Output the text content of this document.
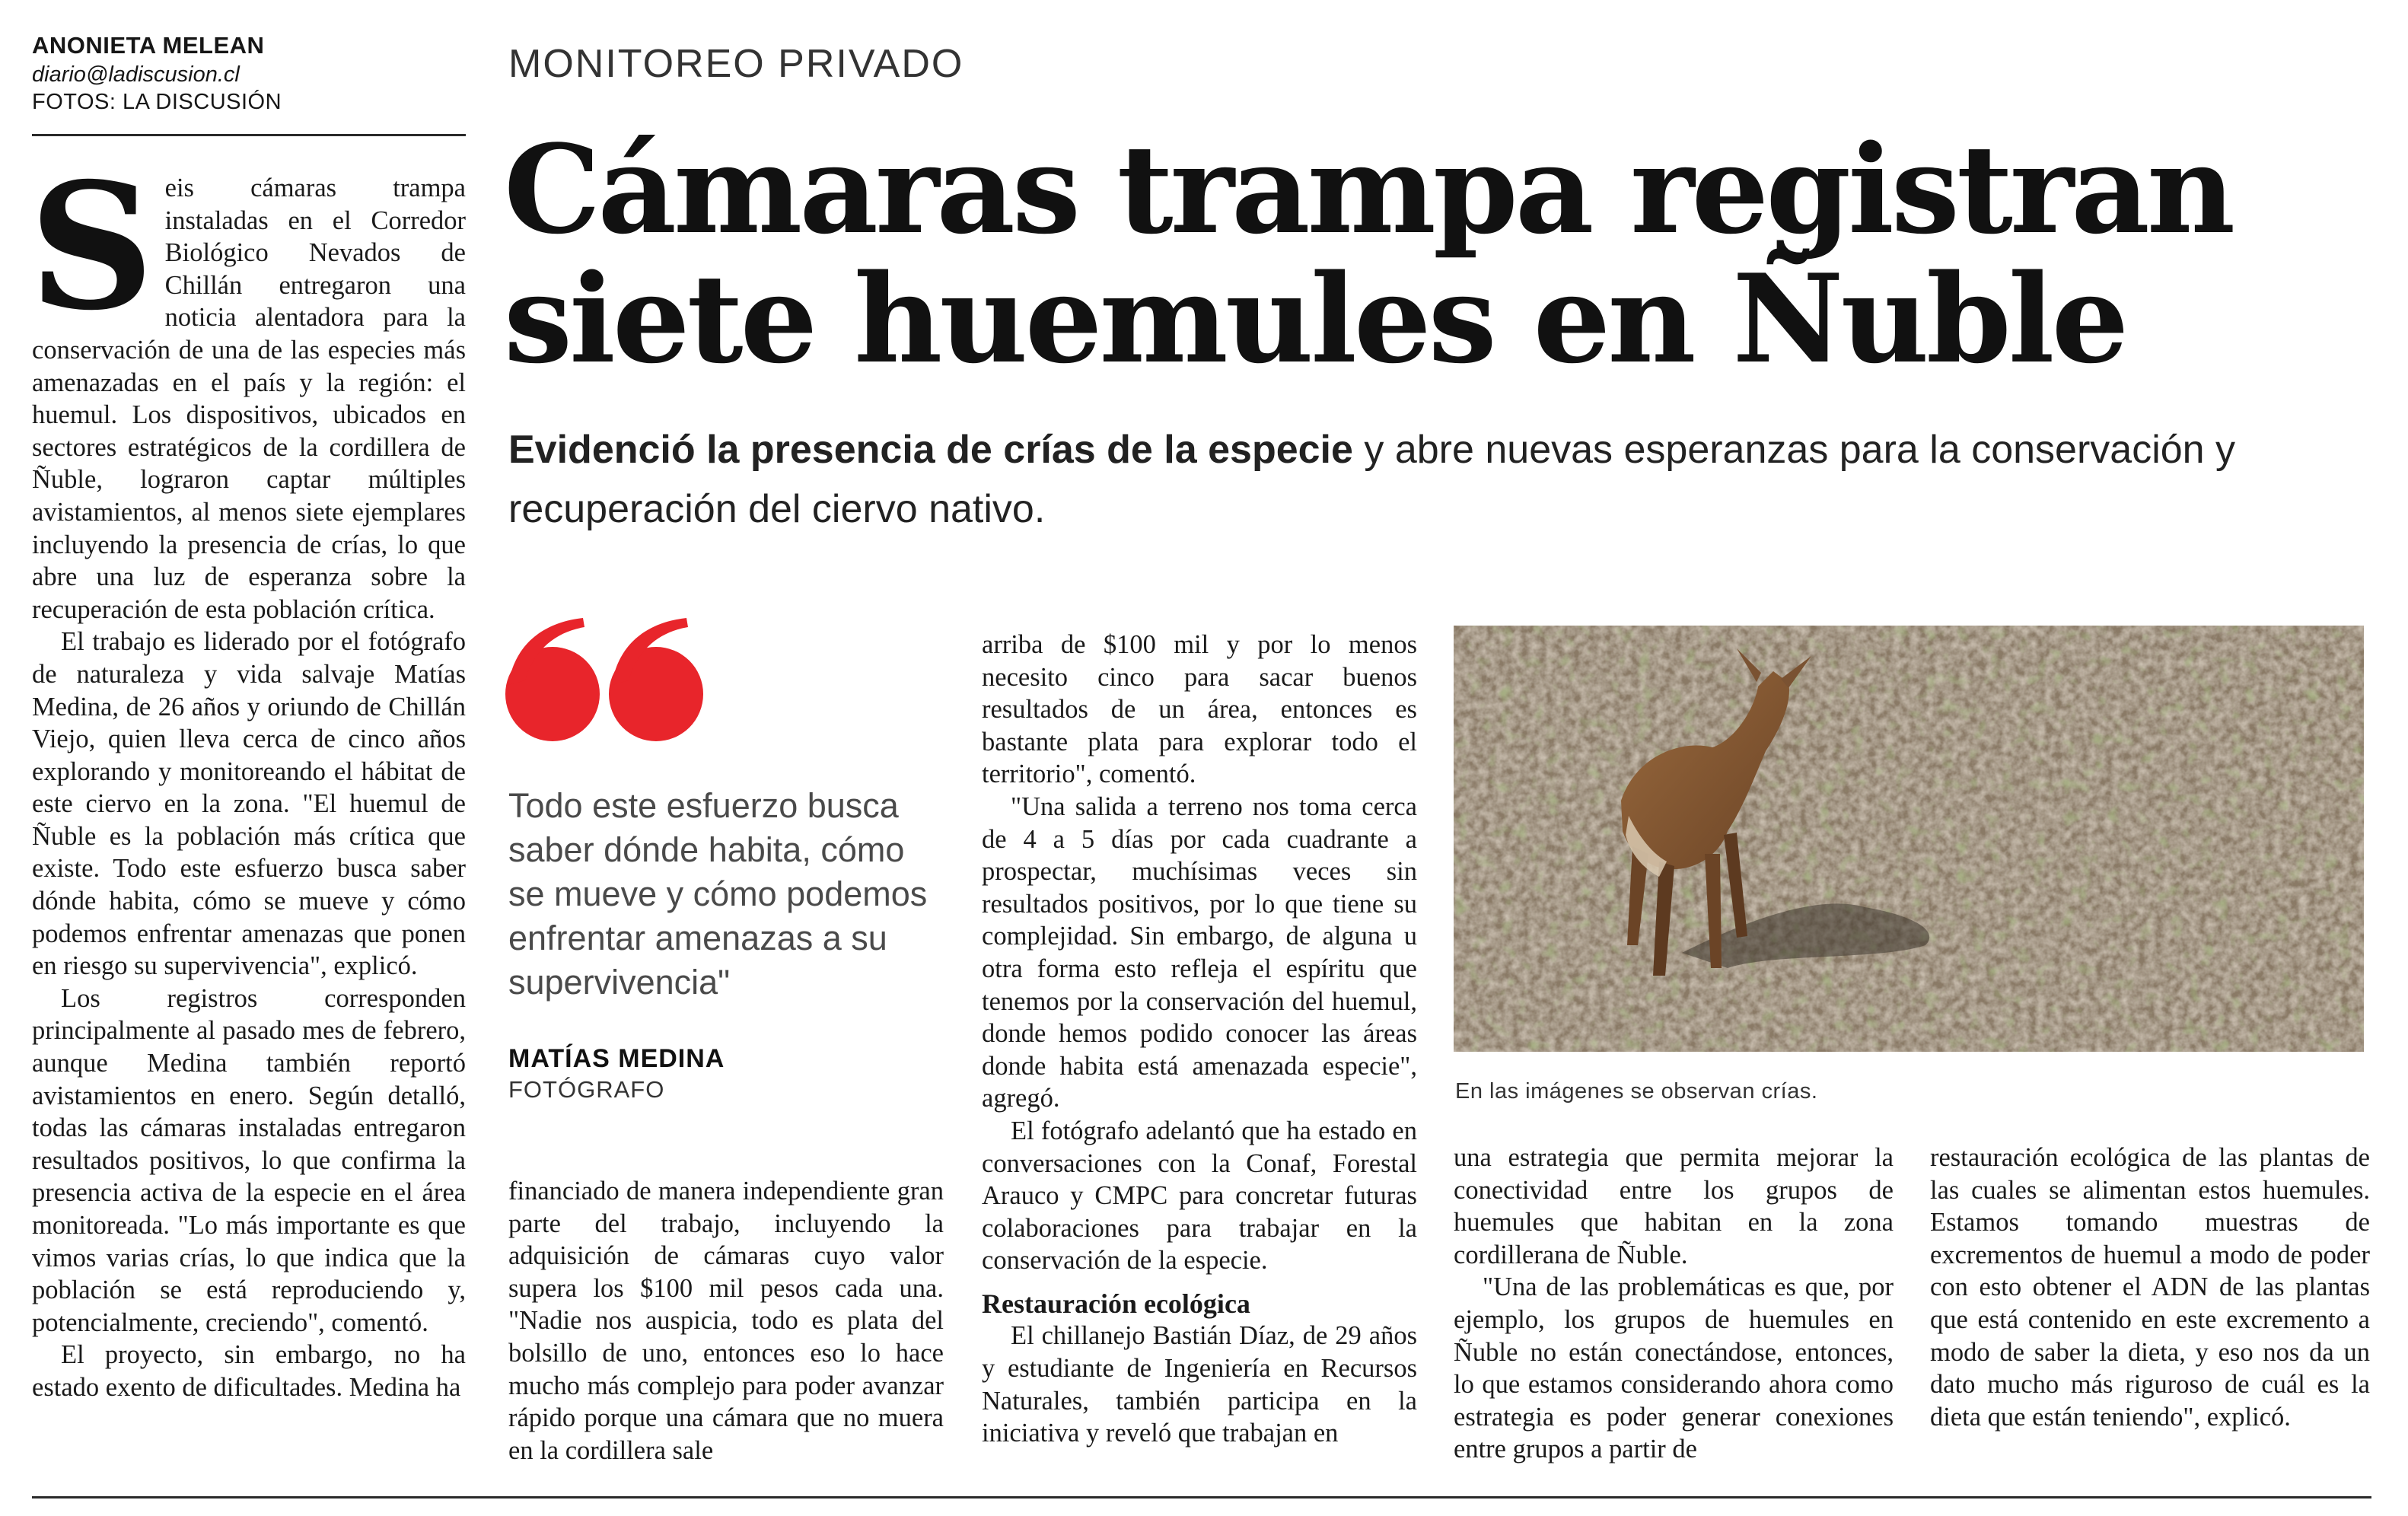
ANONIETA MELEAN
diario@ladiscusion.cl
FOTOS: LA DISCUSIÓN
MONITOREO PRIVADO
Cámaras trampa registran
siete huemules en Ñuble
Evidenció la presencia de crías de la especie y abre nuevas esperanzas para la conservación y recuperación del ciervo nativo.
S eis cámaras trampa instaladas en el Corredor Biológico Nevados de Chillán entregaron una noticia alentadora para la conservación de una de las especies más amenazadas en el país y la región: el huemul. Los dispositivos, ubicados en sectores estratégicos de la cordillera de Ñuble, lograron captar múltiples avistamientos, al menos siete ejemplares incluyendo la presencia de crías, lo que abre una luz de esperanza sobre la recuperación de esta población crítica.

El trabajo es liderado por el fotógrafo de naturaleza y vida salvaje Matías Medina, de 26 años y oriundo de Chillán Viejo, quien lleva cerca de cinco años explorando y monitoreando el hábitat de este ciervo en la zona. "El huemul de Ñuble es la población más crítica que existe. Todo este esfuerzo busca saber dónde habita, cómo se mueve y cómo podemos enfrentar amenazas que ponen en riesgo su supervivencia", explicó.

Los registros corresponden principalmente al pasado mes de febrero, aunque Medina también reportó avistamientos en enero. Según detalló, todas las cámaras instaladas entregaron resultados positivos, lo que confirma la presencia activa de la especie en el área monitoreada. "Lo más importante es que vimos varias crías, lo que indica que la población se está reproduciendo y, potencialmente, creciendo", comentó.

El proyecto, sin embargo, no ha estado exento de dificultades. Medina ha

Todo este esfuerzo busca saber dónde habita, cómo se mueve y cómo podemos enfrentar amenazas a su supervivencia"
MATÍAS MEDINA
FOTÓGRAFO

financiado de manera independiente gran parte del trabajo, incluyendo la adquisición de cámaras cuyo valor supera los $100 mil pesos cada una. "Nadie nos auspicia, todo es plata del bolsillo de uno, entonces eso lo hace mucho más complejo para poder avanzar rápido porque una cámara que no muera en la cordillera sale

arriba de $100 mil y por lo menos necesito cinco para sacar buenos resultados de un área, entonces es bastante plata para explorar todo el territorio", comentó.

"Una salida a terreno nos toma cerca de 4 a 5 días por cada cuadrante a prospectar, muchísimas veces sin resultados positivos, por lo que tiene su complejidad. Sin embargo, de alguna u otra forma esto refleja el espíritu que tenemos por la conservación del huemul, donde hemos podido conocer las áreas donde habita está amenazada especie", agregó.

El fotógrafo adelantó que ha estado en conversaciones con la Conaf, Forestal Arauco y CMPC para concretar futuras colaboraciones para trabajar en la conservación de la especie.

Restauración ecológica

El chillanejo Bastián Díaz, de 29 años y estudiante de Ingeniería en Recursos Naturales, también participa en la iniciativa y reveló que trabajan en

En las imágenes se observan crías.

una estrategia que permita mejorar la conectividad entre los grupos de huemules que habitan en la zona cordillerana de Ñuble.

"Una de las problemáticas es que, por ejemplo, los grupos de huemules en Ñuble no están conectándose, entonces, lo que estamos considerando ahora como estrategia es poder generar conexiones entre grupos a partir de

restauración ecológica de las plantas de las cuales se alimentan estos huemules. Estamos tomando muestras de excrementos de huemul a modo de poder con esto obtener el ADN de las plantas que está contenido en este excremento a modo de saber la dieta, y eso nos da un dato mucho más riguroso de cuál es la dieta que están teniendo", explicó.
